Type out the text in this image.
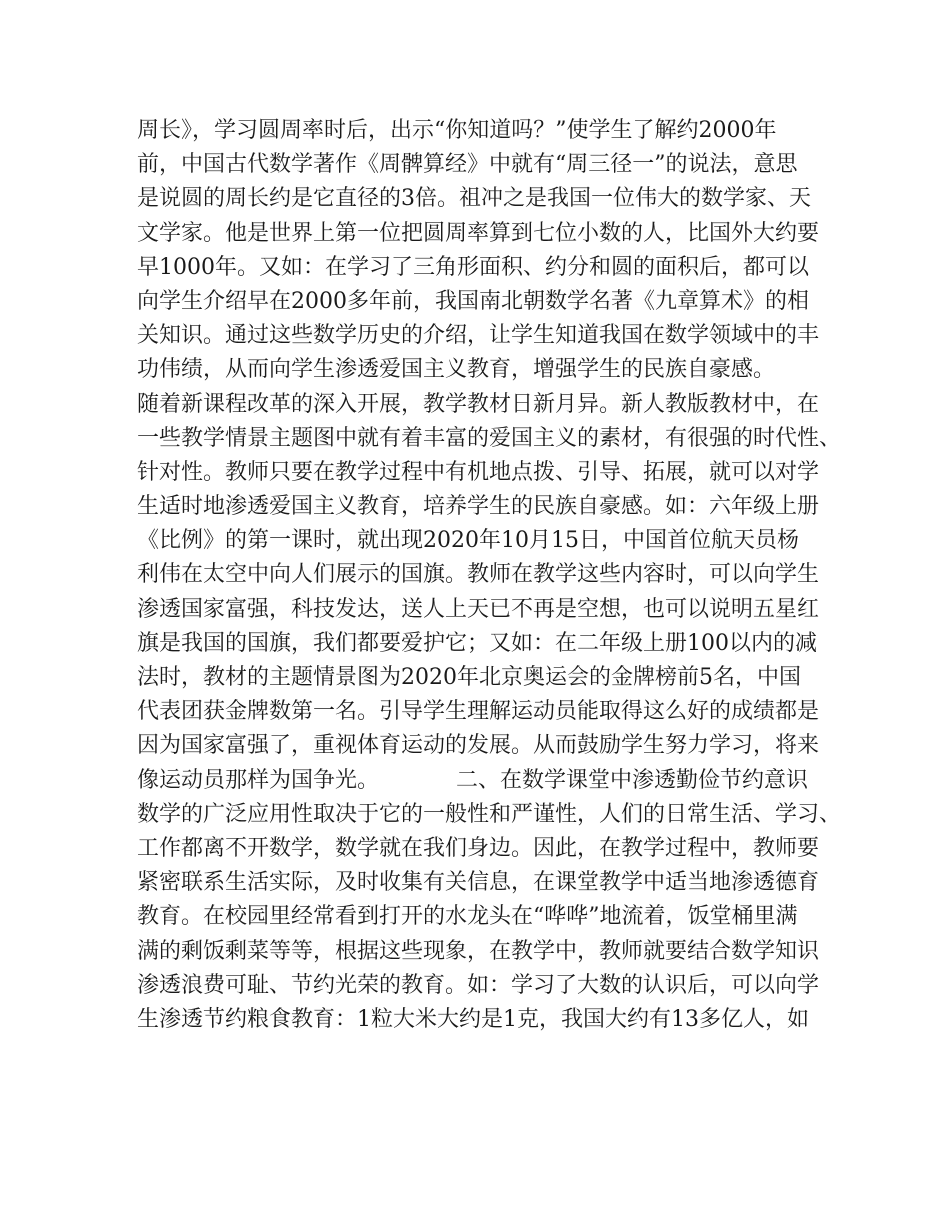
周长》，学习圆周率时后，出示“你知道吗？”使学生了解约2000年
前，中国古代数学著作《周髀算经》中就有“周三径一”的说法，意思
是说圆的周长约是它直径的3倍。祖冲之是我国一位伟大的数学家、天
文学家。他是世界上第一位把圆周率算到七位小数的人，比国外大约要
早1000年。又如：在学习了三角形面积、约分和圆的面积后，都可以
向学生介绍早在2000多年前，我国南北朝数学名著《九章算术》的相
关知识。通过这些数学历史的介绍，让学生知道我国在数学领域中的丰
功伟绩，从而向学生渗透爱国主义教育，增强学生的民族自豪感。
随着新课程改革的深入开展，教学教材日新月异。新人教版教材中，在
一些教学情景主题图中就有着丰富的爱国主义的素材，有很强的时代性、
针对性。教师只要在教学过程中有机地点拨、引导、拓展，就可以对学
生适时地渗透爱国主义教育，培养学生的民族自豪感。如：六年级上册
《比例》的第一课时，就出现2020年10月15日，中国首位航天员杨
利伟在太空中向人们展示的国旗。教师在教学这些内容时，可以向学生
渗透国家富强，科技发达，送人上天已不再是空想，也可以说明五星红
旗是我国的国旗，我们都要爱护它；又如：在二年级上册100以内的减
法时，教材的主题情景图为2020年北京奥运会的金牌榜前5名，中国
代表团获金牌数第一名。引导学生理解运动员能取得这么好的成绩都是
因为国家富强了，重视体育运动的发展。从而鼓励学生努力学习，将来
像运动员那样为国争光。　　　　二、在数学课堂中渗透勤俭节约意识
数学的广泛应用性取决于它的一般性和严谨性，人们的日常生活、学习、
工作都离不开数学，数学就在我们身边。因此，在教学过程中，教师要
紧密联系生活实际，及时收集有关信息，在课堂教学中适当地渗透德育
教育。在校园里经常看到打开的水龙头在“哗哗”地流着，饭堂桶里满
满的剩饭剩菜等等，根据这些现象，在教学中，教师就要结合数学知识
渗透浪费可耻、节约光荣的教育。如：学习了大数的认识后，可以向学
生渗透节约粮食教育：1粒大米大约是1克，我国大约有13多亿人，如
